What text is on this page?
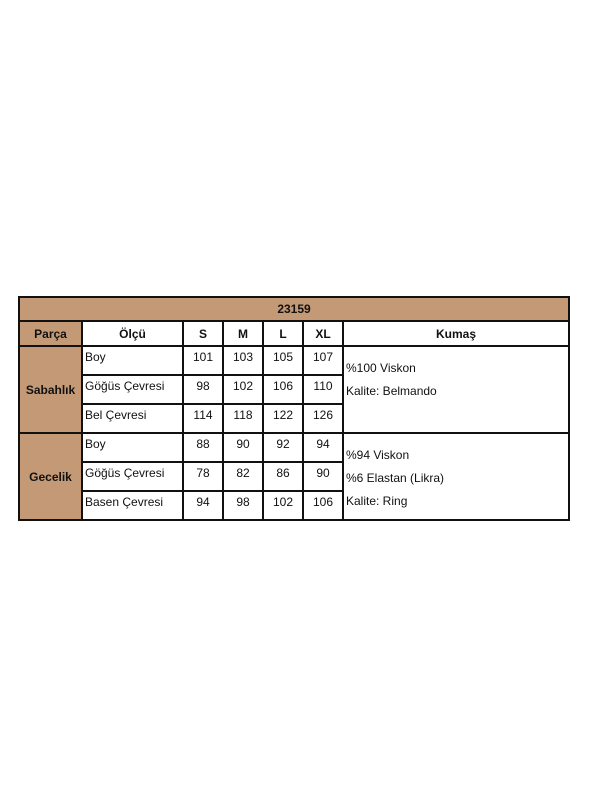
23159						
Parça	Ölçü	S	M	L	XL	Kumaş
Sabahlık	Boy	101	103	105	107	%100 Viskon
Kalite: Belmando

	Göğüs Çevresi	98	102	106	110	
	Bel Çevresi	114	118	122	126	
Gecelik	Boy	88	90	92	94	%94 Viskon
%6 Elastan (Likra)
Kalite: Ring

	Göğüs Çevresi	78	82	86	90	
	Basen Çevresi	94	98	102	106	
